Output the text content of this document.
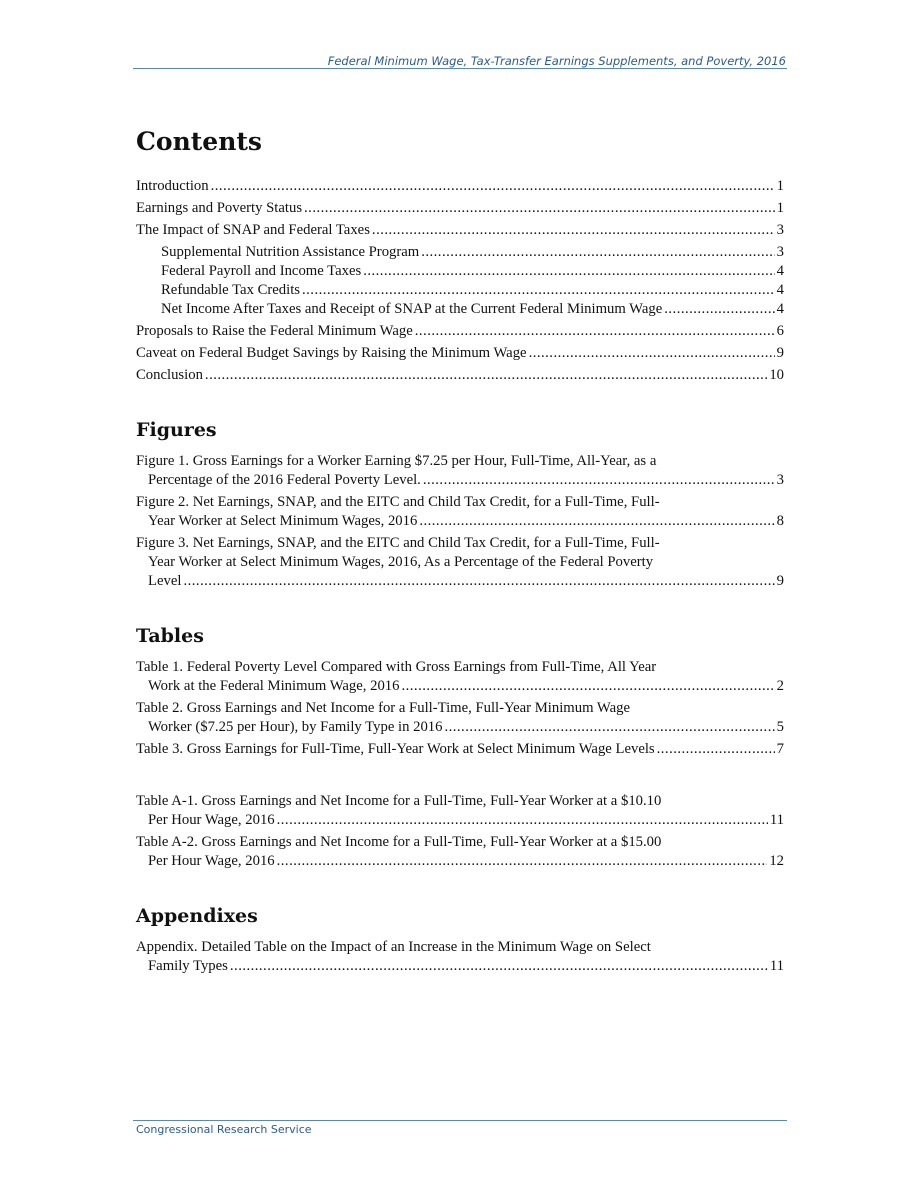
Federal Minimum Wage, Tax-Transfer Earnings Supplements, and Poverty, 2016
Contents
Introduction . . .	1
Earnings and Poverty Status . . .	1
The Impact of SNAP and Federal Taxes . . .	3
Supplemental Nutrition Assistance Program . . .	3
Federal Payroll and Income Taxes . . .	4
Refundable Tax Credits . . .	4
Net Income After Taxes and Receipt of SNAP at the Current Federal Minimum Wage . . .	4
Proposals to Raise the Federal Minimum Wage . . .	6
Caveat on Federal Budget Savings by Raising the Minimum Wage . . .	9
Conclusion . . .	10
Figures
Figure 1. Gross Earnings for a Worker Earning $7.25 per Hour, Full-Time, All-Year, as a
Percentage of the 2016 Federal Poverty Level. . . .	3
Figure 2. Net Earnings, SNAP, and the EITC and Child Tax Credit, for a Full-Time, Full-
Year Worker at Select Minimum Wages, 2016 . . .	8
Figure 3. Net Earnings, SNAP, and the EITC and Child Tax Credit, for a Full-Time, Full-
Year Worker at Select Minimum Wages, 2016, As a Percentage of the Federal Poverty
Level . . .	9
Tables
Table 1. Federal Poverty Level Compared with Gross Earnings from Full-Time, All Year
Work at the Federal Minimum Wage, 2016 . . .	2
Table 2. Gross Earnings and Net Income for a Full-Time, Full-Year Minimum Wage
Worker ($7.25 per Hour), by Family Type in 2016 . . .	5
Table 3. Gross Earnings for Full-Time, Full-Year Work at Select Minimum Wage Levels . . .	7
Table A-1. Gross Earnings and Net Income for a Full-Time, Full-Year Worker at a $10.10
Per Hour Wage, 2016 . . .	11
Table A-2. Gross Earnings and Net Income for a Full-Time, Full-Year Worker at a $15.00
Per Hour Wage, 2016 . . .	12
Appendixes
Appendix. Detailed Table on the Impact of an Increase in the Minimum Wage on Select
Family Types . . .	11
Congressional Research Service
